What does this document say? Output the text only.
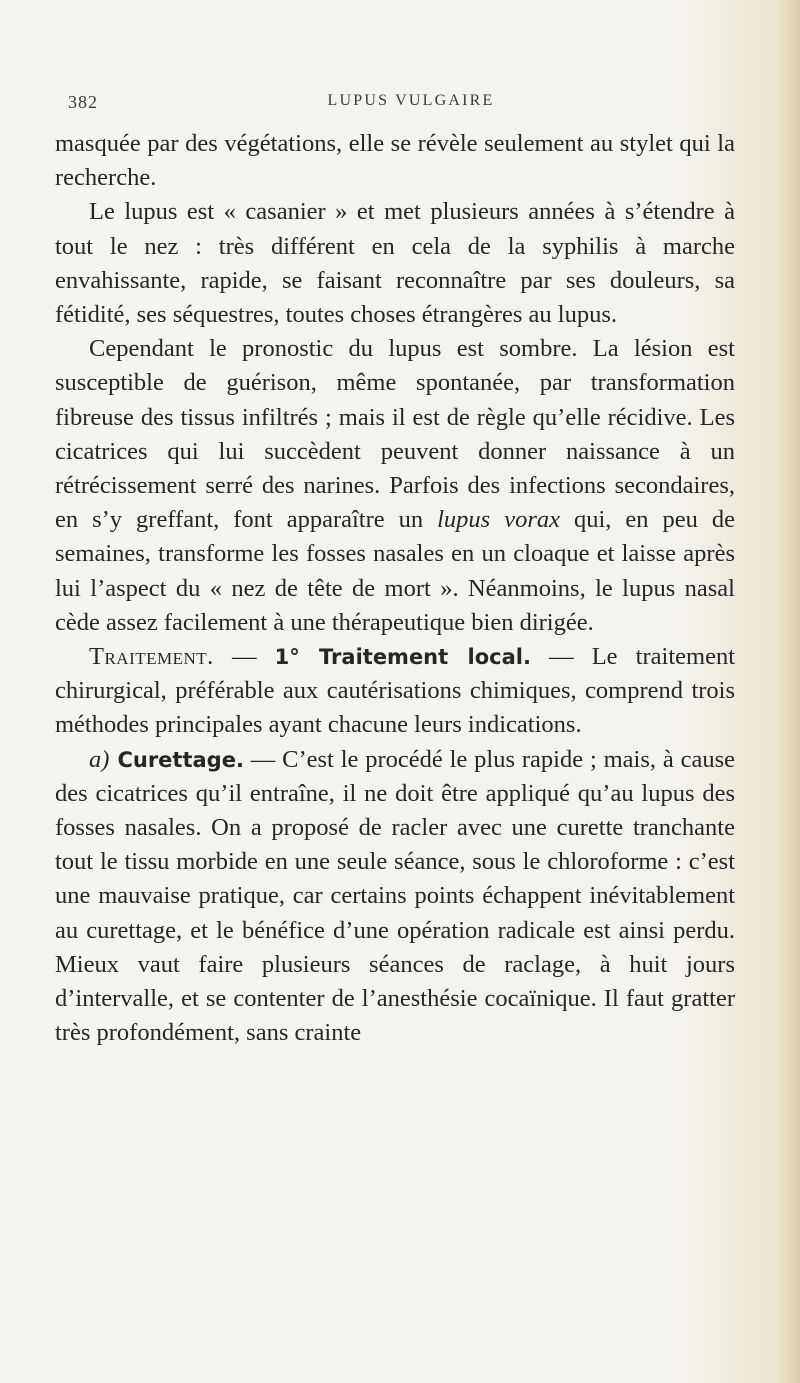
382	LUPUS VULGAIRE

masquée par des végétations, elle se révèle seulement au stylet qui la recherche.

Le lupus est « casanier » et met plusieurs années à s’étendre à tout le nez : très différent en cela de la syphilis à marche envahissante, rapide, se faisant reconnaître par ses douleurs, sa fétidité, ses séquestres, toutes choses étrangères au lupus.

Cependant le pronostic du lupus est sombre. La lésion est susceptible de guérison, même spontanée, par transformation fibreuse des tissus infiltrés ; mais il est de règle qu’elle récidive. Les cicatrices qui lui succèdent peuvent donner naissance à un rétrécissement serré des narines. Parfois des infections secondaires, en s’y greffant, font apparaître un lupus vorax qui, en peu de semaines, transforme les fosses nasales en un cloaque et laisse après lui l’aspect du « nez de tête de mort ». Néanmoins, le lupus nasal cède assez facilement à une thérapeutique bien dirigée.

Traitement. — 1° Traitement local. — Le traitement chirurgical, préférable aux cautérisations chimiques, comprend trois méthodes principales ayant chacune leurs indications.

a) Curettage. — C’est le procédé le plus rapide ; mais, à cause des cicatrices qu’il entraîne, il ne doit être appliqué qu’au lupus des fosses nasales. On a proposé de racler avec une curette tranchante tout le tissu morbide en une seule séance, sous le chloroforme : c’est une mauvaise pratique, car certains points échappent inévitablement au curettage, et le bénéfice d’une opération radicale est ainsi perdu. Mieux vaut faire plusieurs séances de raclage, à huit jours d’intervalle, et se contenter de l’anesthésie cocaïnique. Il faut gratter très profondément, sans crainte
